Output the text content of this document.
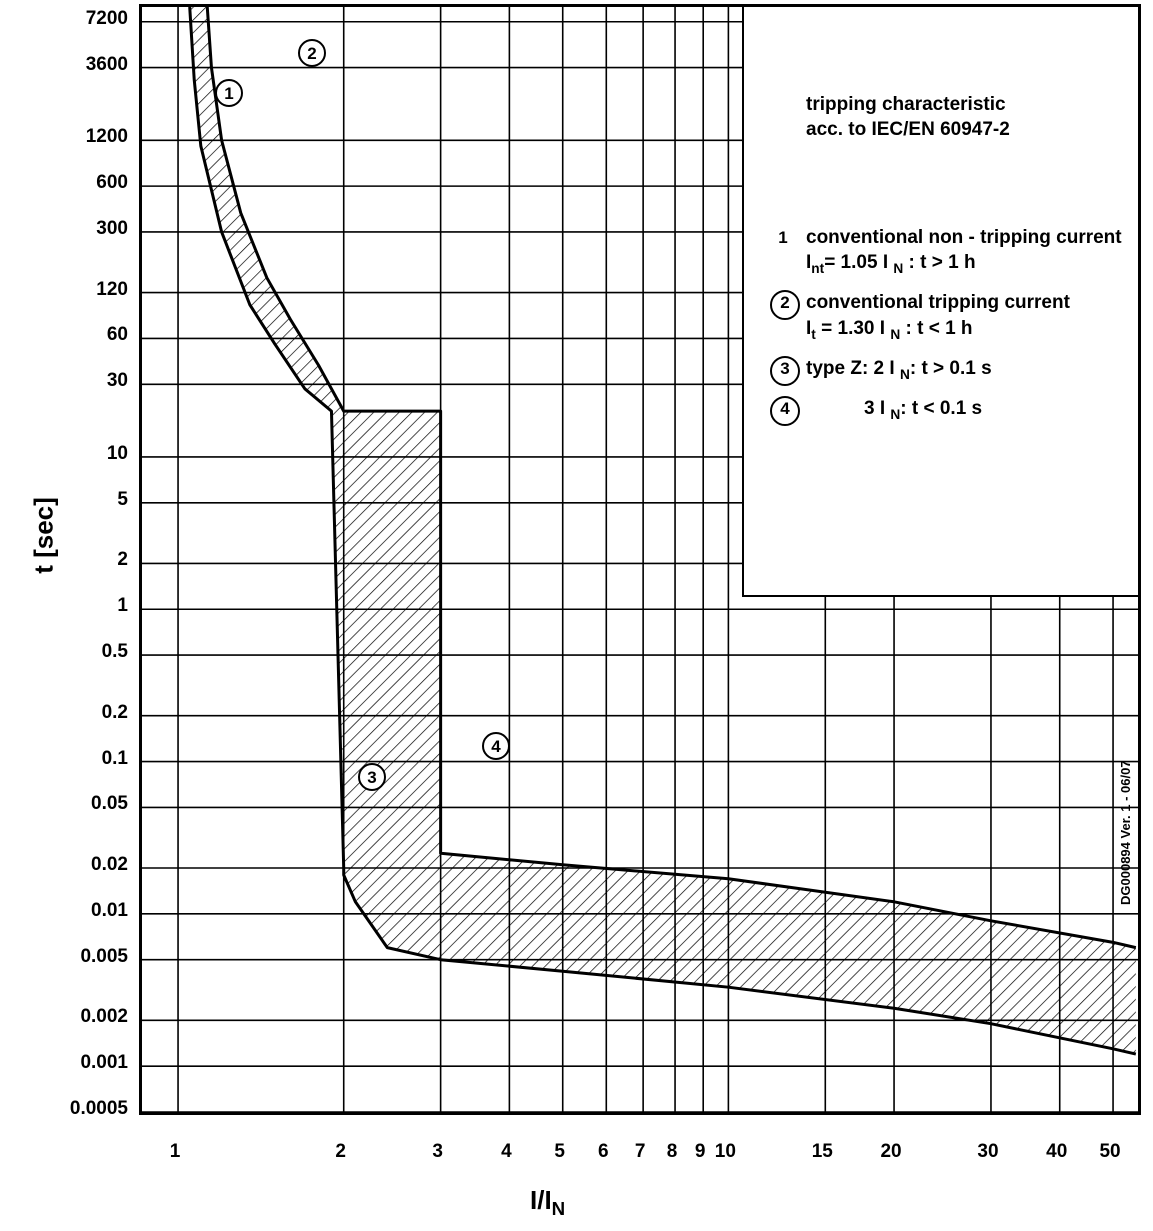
t [sec]
7200
3600
1200
600
300
120
60
30
10
5
2
1
0.5
0.2
0.1
0.05
0.02
0.01
0.005
0.002
0.001
0.0005
1	2	3	4 5 6 7 8 9 10	15	20	30	40 50
$I/I_N$
tripping characteristic
acc. to IEC/EN 60947-2
1 conventional non - tripping current
$I_{nt}= 1.05$ I $_N$ : t > 1 h
2 conventional tripping current
$I_t = 1.30$ I $_N$ : t < 1 h
3 type Z: 2 I $_N$: t > 0.1 s
4	3 I $_N$: t < 0.1 s
1
2
3
4
DG000894 Ver. 1 - 06/07
